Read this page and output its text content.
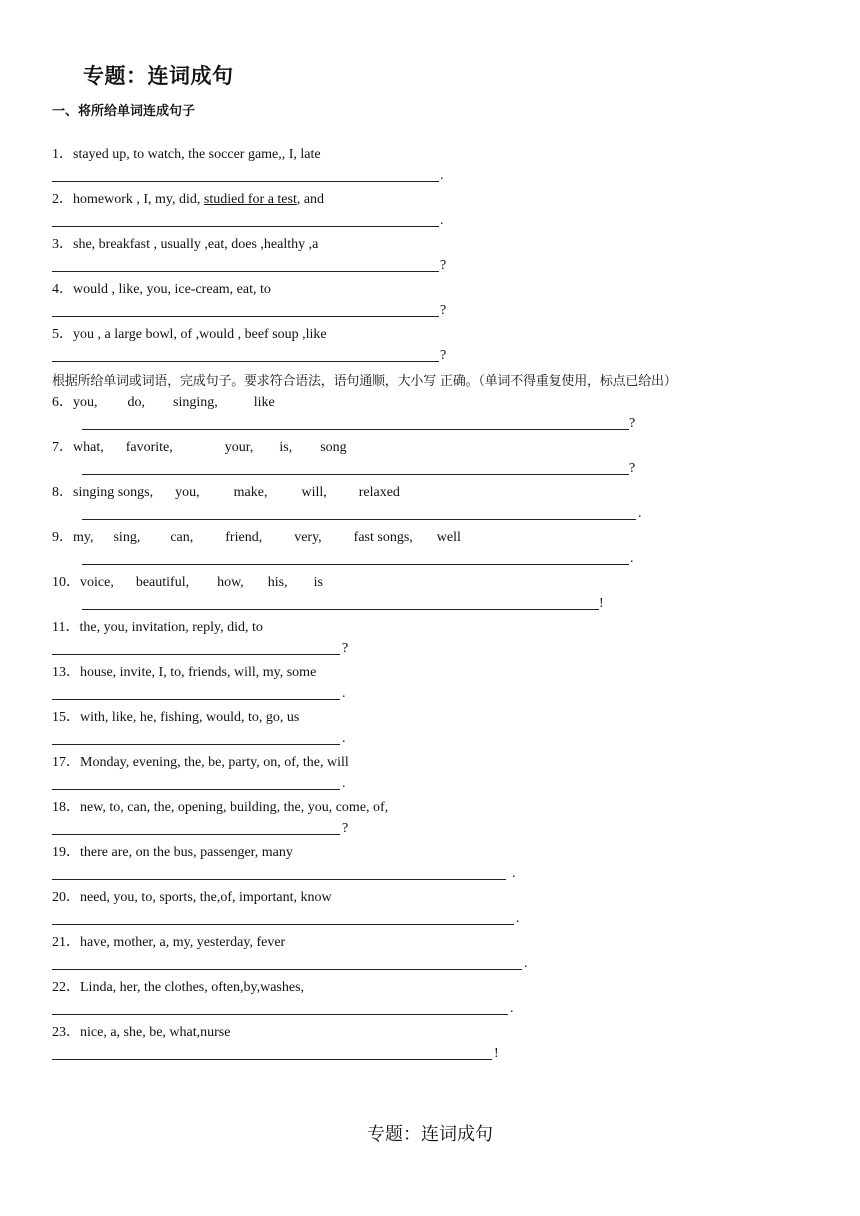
专题：连词成句
一、将所给单词连成句子
根据所给单词或词语，完成句子。要求符合语法，语句通顺，大小写 正确。（单词不得重复使用，标点已给出）
1．stayed up, to watch, the soccer game,, I, late
.
2．homework , I, my, did, studied for a test, and
.
3．she, breakfast , usually ,eat, does ,healthy ,a
?
4．would , like, you, ice-cream, eat, to
?
5．you , a large bowl, of ,would , beef soup ,like
?
6．you, do, singing,	like
?
7．what, favorite,	your, is, song
?
8．singing songs, you, make, will, relaxed
.
9．my, sing, can, friend, very, fast songs, well
.
10．voice, beautiful, how, his, is
!
11．the, you, invitation, reply, did, to
?
13．house, invite, I, to, friends, will, my, some
.
15．with, like, he, fishing, would, to, go, us
.
17．Monday, evening, the, be, party, on, of, the, will
.
18．new, to, can, the, opening, building, the, you, come, of,
?
19．there are, on the bus, passenger, many
.
20．need, you, to, sports, the,of, important, know
.
21．have, mother, a, my, yesterday, fever
.
22．Linda, her, the clothes, often,by,washes,
.
23．nice, a, she, be, what,nurse
!
专题：连词成句
